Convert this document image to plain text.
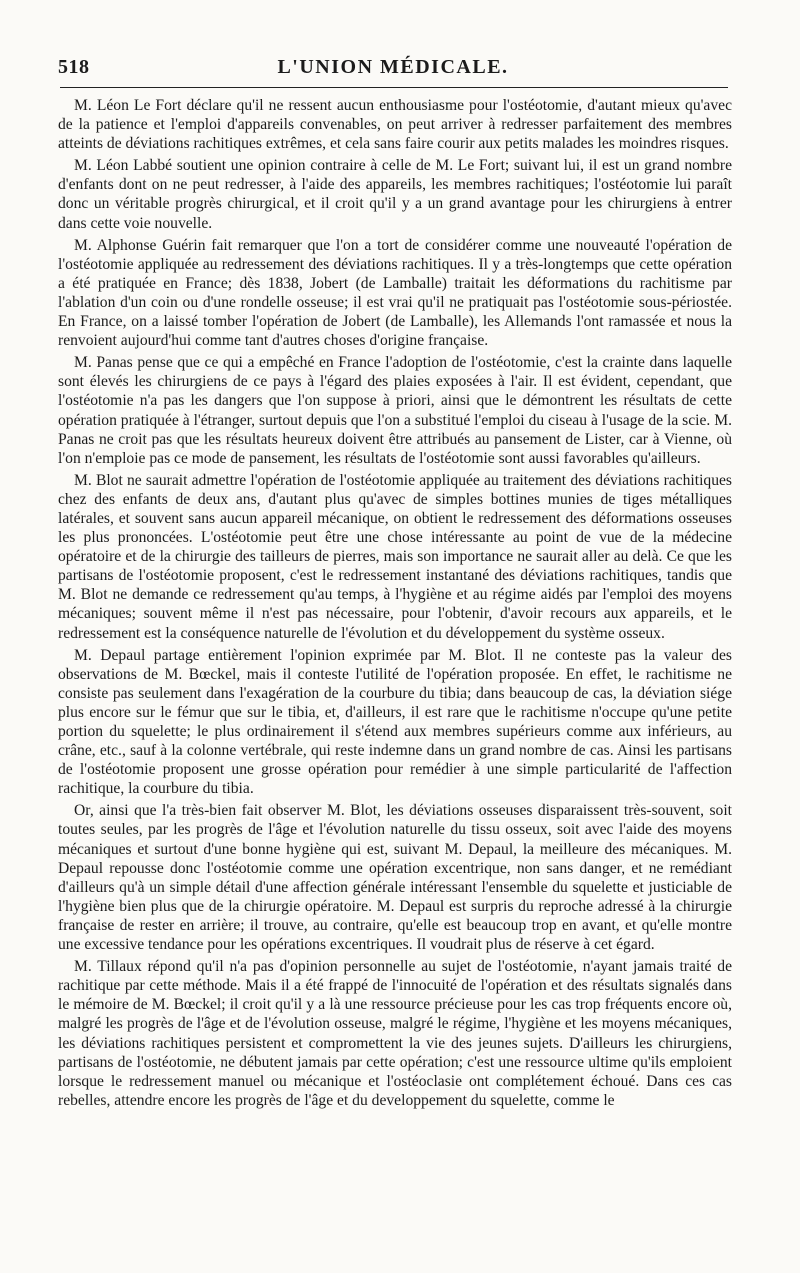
518	L'UNION MÉDICALE.

M. Léon Le Fort déclare qu'il ne ressent aucun enthousiasme pour l'ostéotomie, d'autant mieux qu'avec de la patience et l'emploi d'appareils convenables, on peut arriver à redresser parfaitement des membres atteints de déviations rachitiques extrêmes, et cela sans faire courir aux petits malades les moindres risques.

M. Léon Labbé soutient une opinion contraire à celle de M. Le Fort; suivant lui, il est un grand nombre d'enfants dont on ne peut redresser, à l'aide des appareils, les membres rachitiques; l'ostéotomie lui paraît donc un véritable progrès chirurgical, et il croit qu'il y a un grand avantage pour les chirurgiens à entrer dans cette voie nouvelle.

M. Alphonse Guérin fait remarquer que l'on a tort de considérer comme une nouveauté l'opération de l'ostéotomie appliquée au redressement des déviations rachitiques. Il y a très-longtemps que cette opération a été pratiquée en France; dès 1838, Jobert (de Lamballe) traitait les déformations du rachitisme par l'ablation d'un coin ou d'une rondelle osseuse; il est vrai qu'il ne pratiquait pas l'ostéotomie sous-périostée. En France, on a laissé tomber l'opération de Jobert (de Lamballe), les Allemands l'ont ramassée et nous la renvoient aujourd'hui comme tant d'autres choses d'origine française.

M. Panas pense que ce qui a empêché en France l'adoption de l'ostéotomie, c'est la crainte dans laquelle sont élevés les chirurgiens de ce pays à l'égard des plaies exposées à l'air. Il est évident, cependant, que l'ostéotomie n'a pas les dangers que l'on suppose à priori, ainsi que le démontrent les résultats de cette opération pratiquée à l'étranger, surtout depuis que l'on a substitué l'emploi du ciseau à l'usage de la scie. M. Panas ne croit pas que les résultats heureux doivent être attribués au pansement de Lister, car à Vienne, où l'on n'emploie pas ce mode de pansement, les résultats de l'ostéotomie sont aussi favorables qu'ailleurs.

M. Blot ne saurait admettre l'opération de l'ostéotomie appliquée au traitement des déviations rachitiques chez des enfants de deux ans, d'autant plus qu'avec de simples bottines munies de tiges métalliques latérales, et souvent sans aucun appareil mécanique, on obtient le redressement des déformations osseuses les plus prononcées. L'ostéotomie peut être une chose intéressante au point de vue de la médecine opératoire et de la chirurgie des tailleurs de pierres, mais son importance ne saurait aller au delà. Ce que les partisans de l'ostéotomie proposent, c'est le redressement instantané des déviations rachitiques, tandis que M. Blot ne demande ce redressement qu'au temps, à l'hygiène et au régime aidés par l'emploi des moyens mécaniques; souvent même il n'est pas nécessaire, pour l'obtenir, d'avoir recours aux appareils, et le redressement est la conséquence naturelle de l'évolution et du développement du système osseux.

M. Depaul partage entièrement l'opinion exprimée par M. Blot. Il ne conteste pas la valeur des observations de M. Bœckel, mais il conteste l'utilité de l'opération proposée. En effet, le rachitisme ne consiste pas seulement dans l'exagération de la courbure du tibia; dans beaucoup de cas, la déviation siége plus encore sur le fémur que sur le tibia, et, d'ailleurs, il est rare que le rachitisme n'occupe qu'une petite portion du squelette; le plus ordinairement il s'étend aux membres supérieurs comme aux inférieurs, au crâne, etc., sauf à la colonne vertébrale, qui reste indemne dans un grand nombre de cas. Ainsi les partisans de l'ostéotomie proposent une grosse opération pour remédier à une simple particularité de l'affection rachitique, la courbure du tibia.

Or, ainsi que l'a très-bien fait observer M. Blot, les déviations osseuses disparaissent très-souvent, soit toutes seules, par les progrès de l'âge et l'évolution naturelle du tissu osseux, soit avec l'aide des moyens mécaniques et surtout d'une bonne hygiène qui est, suivant M. Depaul, la meilleure des mécaniques. M. Depaul repousse donc l'ostéotomie comme une opération excentrique, non sans danger, et ne remédiant d'ailleurs qu'à un simple détail d'une affection générale intéressant l'ensemble du squelette et justiciable de l'hygiène bien plus que de la chirurgie opératoire. M. Depaul est surpris du reproche adressé à la chirurgie française de rester en arrière; il trouve, au contraire, qu'elle est beaucoup trop en avant, et qu'elle montre une excessive tendance pour les opérations excentriques. Il voudrait plus de réserve à cet égard.

M. Tillaux répond qu'il n'a pas d'opinion personnelle au sujet de l'ostéotomie, n'ayant jamais traité de rachitique par cette méthode. Mais il a été frappé de l'innocuité de l'opération et des résultats signalés dans le mémoire de M. Bœckel; il croit qu'il y a là une ressource précieuse pour les cas trop fréquents encore où, malgré les progrès de l'âge et de l'évolution osseuse, malgré le régime, l'hygiène et les moyens mécaniques, les déviations rachitiques persistent et compromettent la vie des jeunes sujets. D'ailleurs les chirurgiens, partisans de l'ostéotomie, ne débutent jamais par cette opération; c'est une ressource ultime qu'ils emploient lorsque le redressement manuel ou mécanique et l'ostéoclasie ont complétement échoué. Dans ces cas rebelles, attendre encore les progrès de l'âge et du developpement du squelette, comme le
